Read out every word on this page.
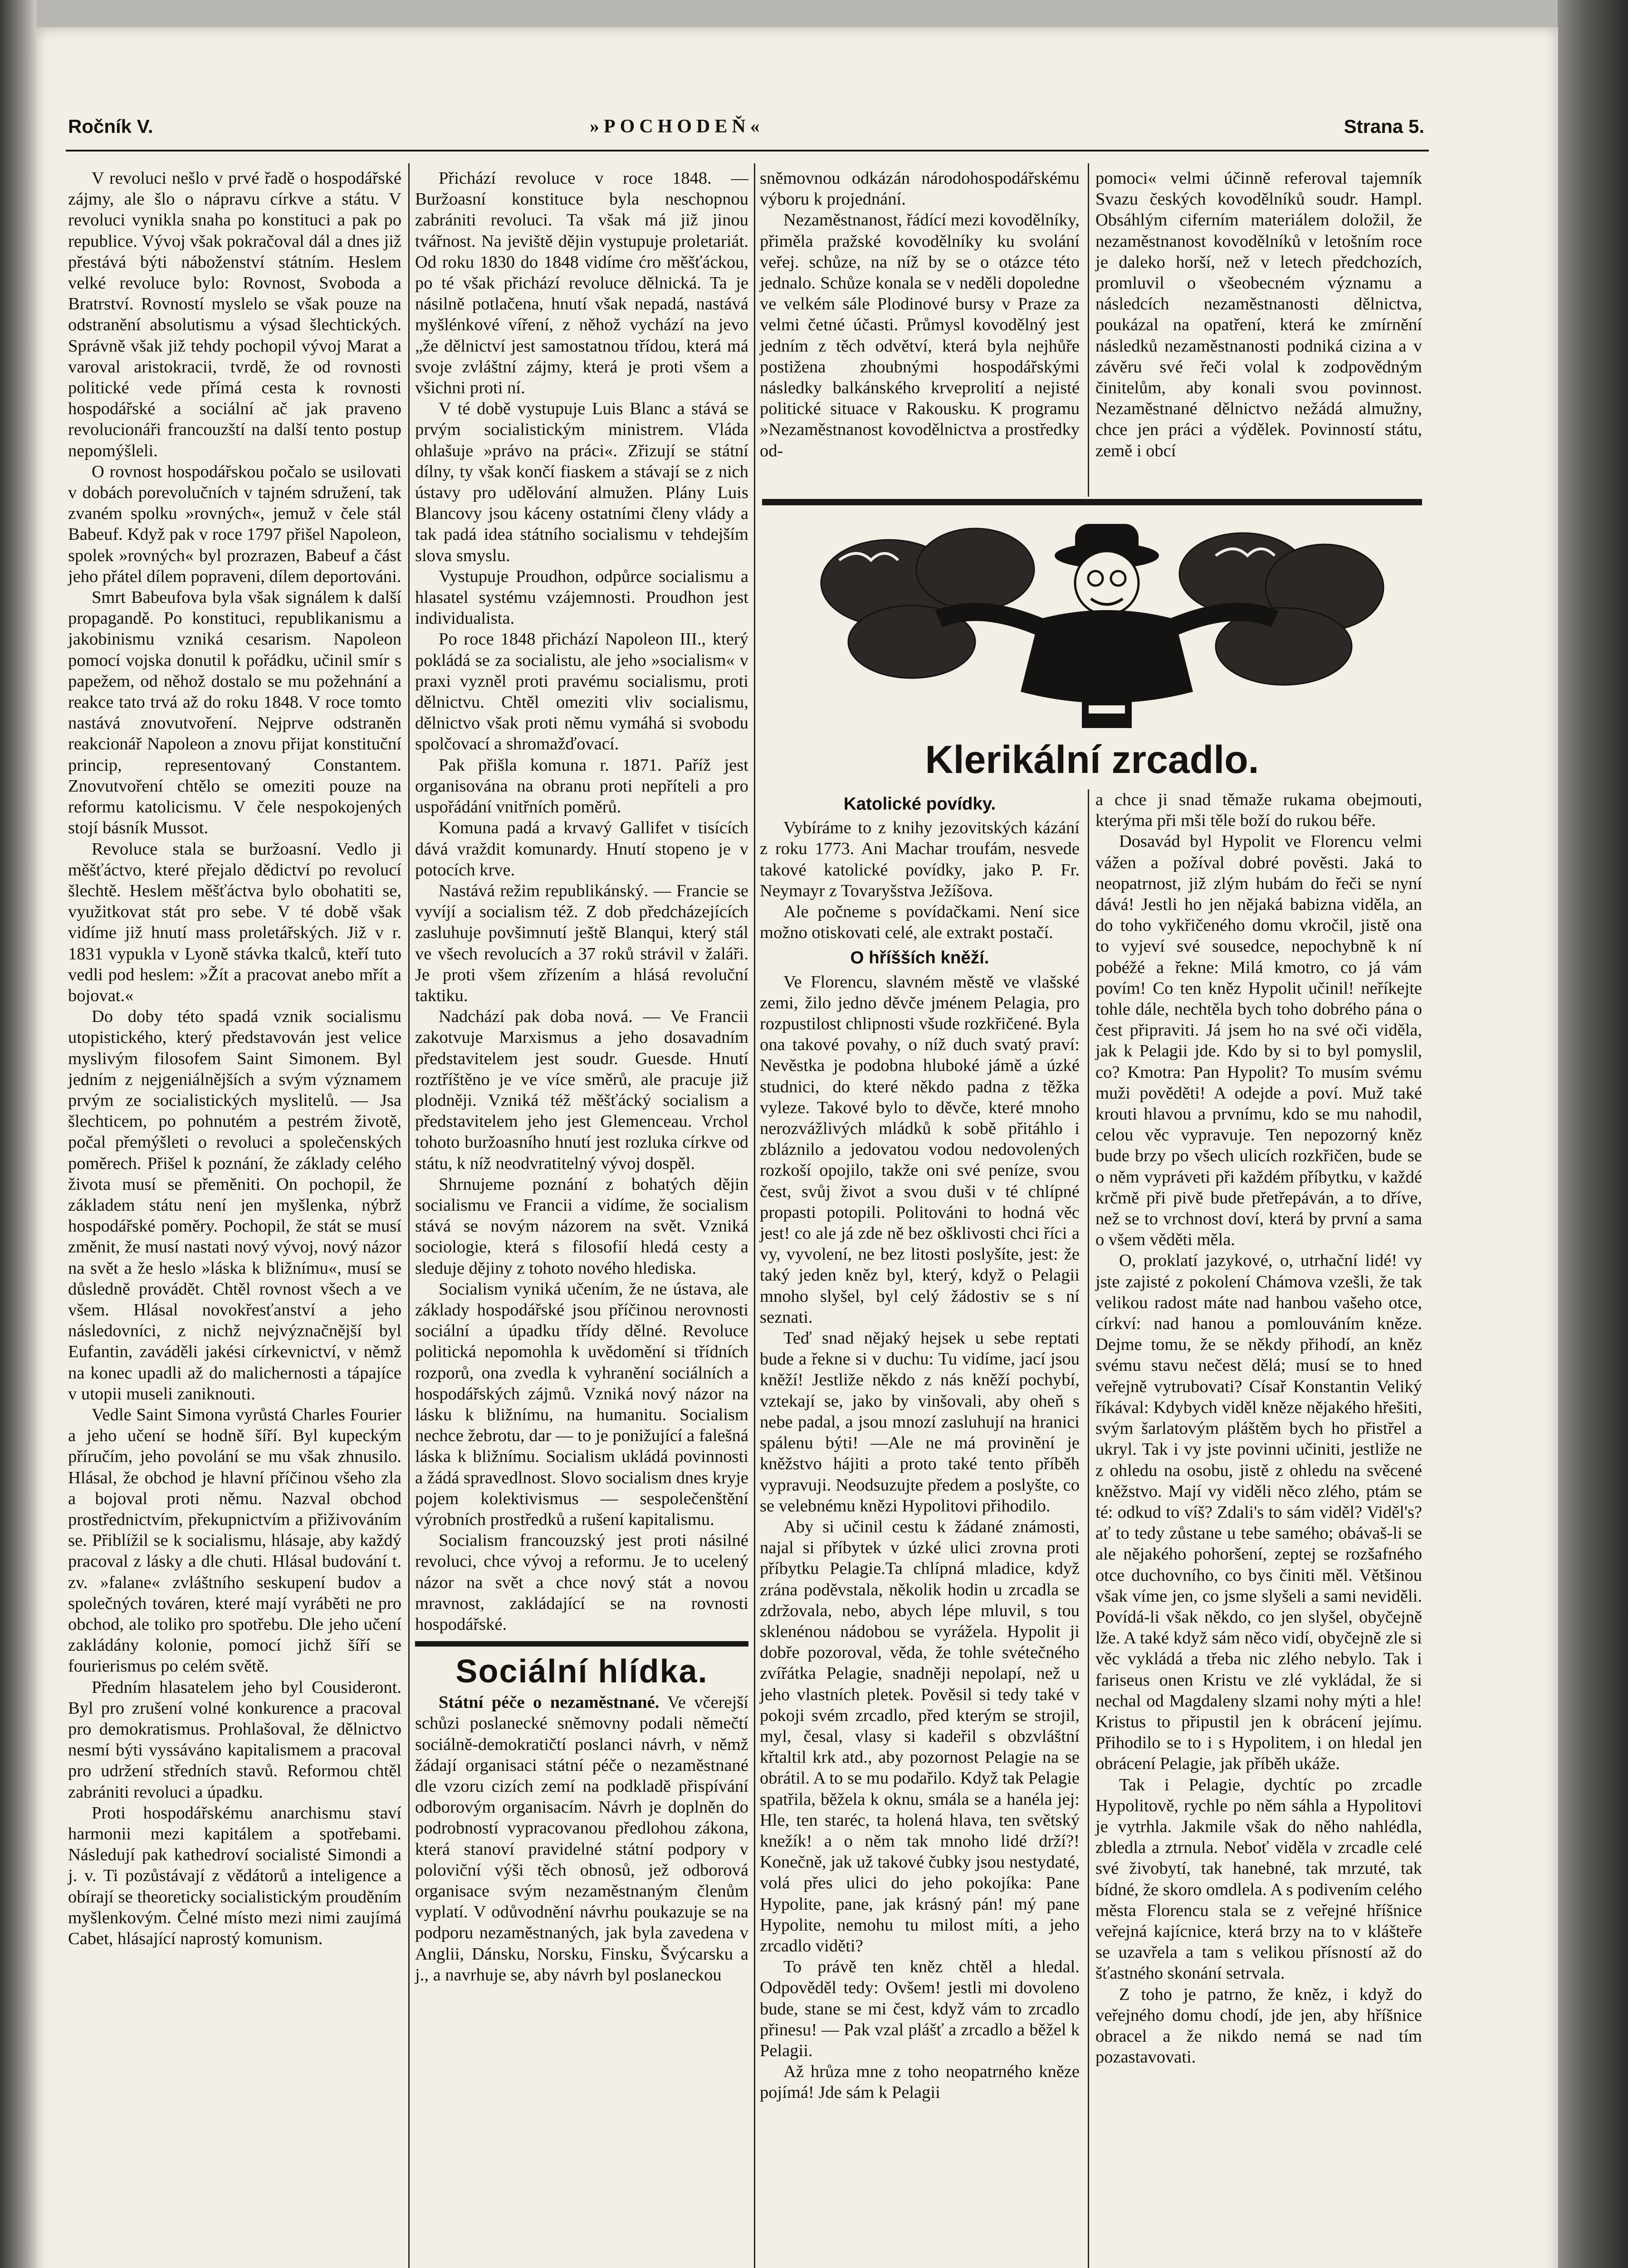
Ročník V.	»POCHODEŇ«	Strana 5.

V revoluci nešlo v prvé řadě o hospodářské zájmy, ale šlo o nápravu církve a státu. V revoluci vynikla snaha po konstituci a pak po republice. Vývoj však pokračoval dál a dnes již přestává býti náboženství státním. Heslem velké revoluce bylo: Rovnost, Svoboda a Bratrství. Rovností myslelo se však pouze na odstranění absolutismu a výsad šlechtických. Správně však již tehdy pochopil vývoj Marat a varoval aristokracii, tvrdě, že od rovnosti politické vede přímá cesta k rovnosti hospodářské a sociální ač jak praveno revolucionáři francouzští na další tento postup nepomýšleli.

O rovnost hospodářskou počalo se usilovati v dobách porevolučních v tajném sdružení, tak zvaném spolku »rovných«, jemuž v čele stál Babeuf. Když pak v roce 1797 přišel Napoleon, spolek »rovných« byl prozrazen, Babeuf a část jeho přátel dílem popraveni, dílem deportováni.

Smrt Babeufova byla však signálem k další propagandě. Po konstituci, republikanismu a jakobinismu vzniká cesarism. Napoleon pomocí vojska donutil k pořádku, učinil smír s papežem, od něhož dostalo se mu požehnání a reakce tato trvá až do roku 1848. V roce tomto nastává znovutvoření. Nejprve odstraněn reakcionář Napoleon a znovu přijat konstituční princip, representovaný Constantem. Znovutvoření chtělo se omeziti pouze na reformu katolicismu. V čele nespokojených stojí básník Mussot.

Revoluce stala se buržoasní. Vedlo ji měšťáctvo, které přejalo dědictví po revolucí šlechtě. Heslem měšťáctva bylo obohatiti se, využitkovat stát pro sebe. V té době však vidíme již hnutí mass proletářských. Již v r. 1831 vypukla v Lyoně stávka tkalců, kteří tuto vedli pod heslem: »Žít a pracovat anebo mřít a bojovat.«

Do doby této spadá vznik socialismu utopistického, který představován jest velice myslivým filosofem Saint Simonem. Byl jedním z nejgeniálnějších a svým významem prvým ze socialistických myslitelů. — Jsa šlechticem, po pohnutém a pestrém životě, počal přemýšleti o revoluci a společenských poměrech. Přišel k poznání, že základy celého života musí se přeměniti. On pochopil, že základem státu není jen myšlenka, nýbrž hospodářské poměry. Pochopil, že stát se musí změnit, že musí nastati nový vývoj, nový názor na svět a že heslo »láska k bližnímu«, musí se důsledně provádět. Chtěl rovnost všech a ve všem. Hlásal novokřesťanství a jeho následovníci, z nichž nejvýznačnější byl Eufantin, zaváděli jakési církevnictví, v němž na konec upadli až do malichernosti a tápajíce v utopii museli zaniknouti.

Vedle Saint Simona vyrůstá Charles Fourier a jeho učení se hodně šíří. Byl kupeckým příručím, jeho povolání se mu však zhnusilo. Hlásal, že obchod je hlavní příčinou všeho zla a bojoval proti němu. Nazval obchod prostřednictvím, překupnictvím a přiživováním se. Přiblížil se k socialismu, hlásaje, aby každý pracoval z lásky a dle chuti. Hlásal budování t. zv. »falane« zvláštního seskupení budov a společných továren, které mají vyráběti ne pro obchod, ale toliko pro spotřebu. Dle jeho učení zakládány kolonie, pomocí jichž šíří se fourierismus po celém světě.

Předním hlasatelem jeho byl Cousideront. Byl pro zrušení volné konkurence a pracoval pro demokratismus. Prohlašoval, že dělnictvo nesmí býti vyssáváno kapitalismem a pracoval pro udržení středních stavů. Reformou chtěl zabrániti revoluci a úpadku.

Proti hospodářskému anarchismu staví harmonii mezi kapitálem a spotřebami. Následují pak kathedroví socialisté Simondi a j. v. Ti pozůstávají z vědátorů a inteligence a obírají se theoreticky socialistickým prouděním myšlenkovým. Čelné místo mezi nimi zaujímá Cabet, hlásající naprostý komunism.

Přichází revoluce v roce 1848. — Buržoasní konstituce byla neschopnou zabrániti revoluci. Ta však má již jinou tvářnost. Na jeviště dějin vystupuje proletariát. Od roku 1830 do 1848 vidíme ćro měšťáckou, po té však přichází revoluce dělnická. Ta je násilně potlačena, hnutí však nepadá, nastává myšlénkové víření, z něhož vychází na jevo „že dělnictví jest samostatnou třídou, která má svoje zvláštní zájmy, která je proti všem a všichni proti ní.

V té době vystupuje Luis Blanc a stává se prvým socialistickým ministrem. Vláda ohlašuje »právo na práci«. Zřizují se státní dílny, ty však končí fiaskem a stávají se z nich ústavy pro udělování almužen. Plány Luis Blancovy jsou káceny ostatními členy vlády a tak padá idea státního socialismu v tehdejším slova smyslu.

Vystupuje Proudhon, odpůrce socialismu a hlasatel systému vzájemnosti. Proudhon jest individualista.

Po roce 1848 přichází Napoleon III., který pokládá se za socialistu, ale jeho »socialism« v praxi vyzněl proti pravému socialismu, proti dělnictvu. Chtěl omeziti vliv socialismu, dělnictvo však proti němu vymáhá si svobodu spolčovací a shromažďovací.

Pak přišla komuna r. 1871. Paříž jest organisována na obranu proti nepříteli a pro uspořádání vnitřních poměrů.

Komuna padá a krvavý Gallifet v tisících dává vraždit komunardy. Hnutí stopeno je v potocích krve.

Nastává režim republikánský. — Francie se vyvíjí a socialism též. Z dob předcházejících zasluhuje povšimnutí ještě Blanqui, který stál ve všech revolucích a 37 roků strávil v žaláři. Je proti všem zřízením a hlásá revoluční taktiku.

Nadchází pak doba nová. — Ve Francii zakotvuje Marxismus a jeho dosavadním představitelem jest soudr. Guesde. Hnutí roztříštěno je ve více směrů, ale pracuje již plodněji. Vzniká též měšťácký socialism a představitelem jeho jest Glemenceau. Vrchol tohoto buržoasního hnutí jest rozluka církve od státu, k níž neodvratitelný vývoj dospěl.

Shrnujeme poznání z bohatých dějin socialismu ve Francii a vidíme, že socialism stává se novým názorem na svět. Vzniká sociologie, která s filosofií hledá cesty a sleduje dějiny z tohoto nového hlediska.

Socialism vyniká učením, že ne ústava, ale základy hospodářské jsou příčinou nerovnosti sociální a úpadku třídy dělné. Revoluce politická nepomohla k uvědomění si třídních rozporů, ona zvedla k vyhranění sociálních a hospodářských zájmů. Vzniká nový názor na lásku k bližnímu, na humanitu. Socialism nechce žebrotu, dar — to je ponižující a falešná láska k bližnímu. Socialism ukládá povinnosti a žádá spravedlnost. Slovo socialism dnes kryje pojem kolektivismus — sespolečenštění výrobních prostředků a rušení kapitalismu.

Socialism francouzský jest proti násilné revoluci, chce vývoj a reformu. Je to ucelený názor na svět a chce nový stát a novou mravnost, zakládající se na rovnosti hospodářské.

Sociální hlídka.

Státní péče o nezaměstnané. Ve včerejší schůzi poslanecké sněmovny podali němečtí sociálně-demokratičtí poslanci návrh, v němž žádají organisaci státní péče o nezaměstnané dle vzoru cizích zemí na podkladě přispívání odborovým organisacím. Návrh je doplněn do podrobností vypracovanou předlohou zákona, která stanoví pravidelné státní podpory v poloviční výši těch obnosů, jež odborová organisace svým nezaměstnaným členům vyplatí. V odůvodnění návrhu poukazuje se na podporu nezaměstnaných, jak byla zavedena v Anglii, Dánsku, Norsku, Finsku, Švýcarsku a j., a navrhuje se, aby návrh byl poslaneckou

sněmovnou odkázán národohospodářskému výboru k projednání.

Nezaměstnanost, řádící mezi kovodělníky, přiměla pražské kovodělníky ku svolání veřej. schůze, na níž by se o otázce této jednalo. Schůze konala se v neděli dopoledne ve velkém sále Plodinové bursy v Praze za velmi četné účasti. Průmysl kovodělný jest jedním z těch odvětví, která byla nejhůře postižena zhoubnými hospodářskými následky balkánského krveprolití a nejisté politické situace v Rakousku. K programu »Nezaměstnanost kovodělnictva a prostředky od-

pomoci« velmi účinně referoval tajemník Svazu českých kovodělníků soudr. Hampl. Obsáhlým ciferním materiálem doložil, že nezaměstnanost kovodělníků v letošním roce je daleko horší, než v letech předchozích, promluvil o všeobecném významu a následcích nezaměstnanosti dělnictva, poukázal na opatření, která ke zmírnění následků nezaměstnanosti podniká cizina a v závěru své řeči volal k zodpovědným činitelům, aby konali svou povinnost. Nezaměstnané dělnictvo nežádá almužny, chce jen práci a výdělek. Povinností státu, země i obcí

Klerikální zrcadlo.
Katolické povídky.

Vybíráme to z knihy jezovitských kázání z roku 1773. Ani Machar troufám, nesvede takové katolické povídky, jako P. Fr. Neymayr z Tovaryšstva Ježíšova.

Ale počneme s povídačkami. Není sice možno otiskovati celé, ale extrakt postačí.

O hříšších kněží.

Ve Florencu, slavném městě ve vlašské zemi, žilo jedno děvče jménem Pelagia, pro rozpustilost chlipnosti všude rozkřičené. Byla ona takové povahy, o níž duch svatý praví: Nevěstka je podobna hluboké jámě a úzké studnici, do které někdo padna z těžka vyleze. Takové bylo to děvče, které mnoho nerozvážlivých mládků k sobě přitáhlo i zbláznilo a jedovatou vodou nedovolených rozkoší opojilo, takže oni své peníze, svou čest, svůj život a svou duši v té chlípné propasti potopili. Politováni to hodná věc jest! co ale já zde ně bez ošklivosti chci říci a vy, vyvolení, ne bez litosti poslyšíte, jest: že taký jeden kněz byl, který, když o Pelagii mnoho slyšel, byl celý žádostiv se s ní seznati.

Teď snad nějaký hejsek u sebe reptati bude a řekne si v duchu: Tu vidíme, jací jsou kněží! Jestliže někdo z nás kněží pochybí, vztekají se, jako by vinšovali, aby oheň s nebe padal, a jsou mnozí zasluhují na hranici spálenu býti! —Ale ne má provinění je kněžstvo hájiti a proto také tento příběh vypravuji. Neodsuzujte předem a poslyšte, co se velebnému knězi Hypolitovi přihodilo.

Aby si učinil cestu k žádané známosti, najal si příbytek v úzké ulici zrovna proti příbytku Pelagie.Ta chlípná mladice, když zrána poděvstala, několik hodin u zrcadla se zdržovala, nebo, abych lépe mluvil, s tou sklenénou nádobou se vyrážela. Hypolit ji dobře pozoroval, věda, že tohle svétečného zvířátka Pelagie, snadněji nepolapí, než u jeho vlastních pletek. Pověsil si tedy také v pokoji svém zrcadlo, před kterým se strojil, myl, česal, vlasy si kadeřil s obzvláštní křtaltil krk atd., aby pozornost Pelagie na se obrátil. A to se mu podařilo. Když tak Pelagie spatřila, běžela k oknu, smála se a hanéla jej: Hle, ten staréc, ta holená hlava, ten světský knežík! a o něm tak mnoho lidé drží?! Konečně, jak už takové čubky jsou nestydaté, volá přes ulici do jeho pokojíka: Pane Hypolite, pane, jak krásný pán! mý pane Hypolite, nemohu tu milost míti, a jeho zrcadlo viděti?

To právě ten kněz chtěl a hledal. Odpověděl tedy: Ovšem! jestli mi dovoleno bude, stane se mi čest, když vám to zrcadlo přinesu! — Pak vzal plášť a zrcadlo a běžel k Pelagii.

Až hrůza mne z toho neopatrného kněze pojímá! Jde sám k Pelagii

a chce ji snad těmaže rukama obejmouti, kterýma při mši těle boží do rukou béře.

Dosavád byl Hypolit ve Florencu velmi vážen a požíval dobré pověsti. Jaká to neopatrnost, již zlým hubám do řeči se nyní dává! Jestli ho jen nějaká babizna viděla, an do toho vykřičeného domu vkročil, jistě ona to vyjeví své sousedce, nepochybně k ní pobéžé a řekne: Milá kmotro, co já vám povím! Co ten kněz Hypolit učinil! neříkejte tohle dále, nechtěla bych toho dobrého pána o čest připraviti. Já jsem ho na své oči viděla, jak k Pelagii jde. Kdo by si to byl pomyslil, co? Kmotra: Pan Hypolit? To musím svému muži pověděti! A odejde a poví. Muž také krouti hlavou a prvnímu, kdo se mu nahodil, celou věc vypravuje. Ten nepozorný kněz bude brzy po všech ulicích rozkřičen, bude se o něm vypráveti při každém příbytku, v každé krčmě při pivě bude přetřepáván, a to dříve, než se to vrchnost doví, která by první a sama o všem věděti měla.

O, proklatí jazykové, o, utrhační lidé! vy jste zajisté z pokolení Chámova vzešli, že tak velikou radost máte nad hanbou vašeho otce, církví: nad hanou a pomlouváním kněze. Dejme tomu, že se někdy přihodí, an kněz svému stavu nečest dělá; musí se to hned veřejně vytrubovati? Císař Konstantin Veliký říkával: Kdybych viděl kněze nějakého hřešiti, svým šarlatovým pláštěm bych ho přistřel a ukryl. Tak i vy jste povinni učiniti, jestliže ne z ohledu na osobu, jistě z ohledu na svěcené kněžstvo. Mají vy viděli něco zlého, ptám se té: odkud to víš? Zdali's to sám viděl? Viděl's? ať to tedy zůstane u tebe samého; obávaš-li se ale nějakého pohoršení, zeptej se rozšafného otce duchovního, co bys činiti měl. Většinou však víme jen, co jsme slyšeli a sami neviděli. Povídá-li však někdo, co jen slyšel, obyčejně lže. A také když sám něco vidí, obyčejně zle si věc vykládá a třeba nic zlého nebylo. Tak i fariseus onen Kristu ve zlé vykládal, že si nechal od Magdaleny slzami nohy mýti a hle! Kristus to připustil jen k obrácení jejímu. Přihodilo se to i s Hypolitem, i on hledal jen obrácení Pelagie, jak příběh ukáže.

Tak i Pelagie, dychtíc po zrcadle Hypolitově, rychle po něm sáhla a Hypolitovi je vytrhla. Jakmile však do něho nahlédla, zbledla a ztrnula. Neboť viděla v zrcadle celé své živobytí, tak hanebné, tak mrzuté, tak bídné, že skoro omdlela. A s podivením celého města Florencu stala se z veřejné hříšnice veřejná kajícnice, která brzy na to v klášteře se uzavřela a tam s velikou přísností až do šťastného skonání setrvala.

Z toho je patrno, že kněz, i když do veřejného domu chodí, jde jen, aby hříšnice obracel a že nikdo nemá se nad tím pozastavovati.
